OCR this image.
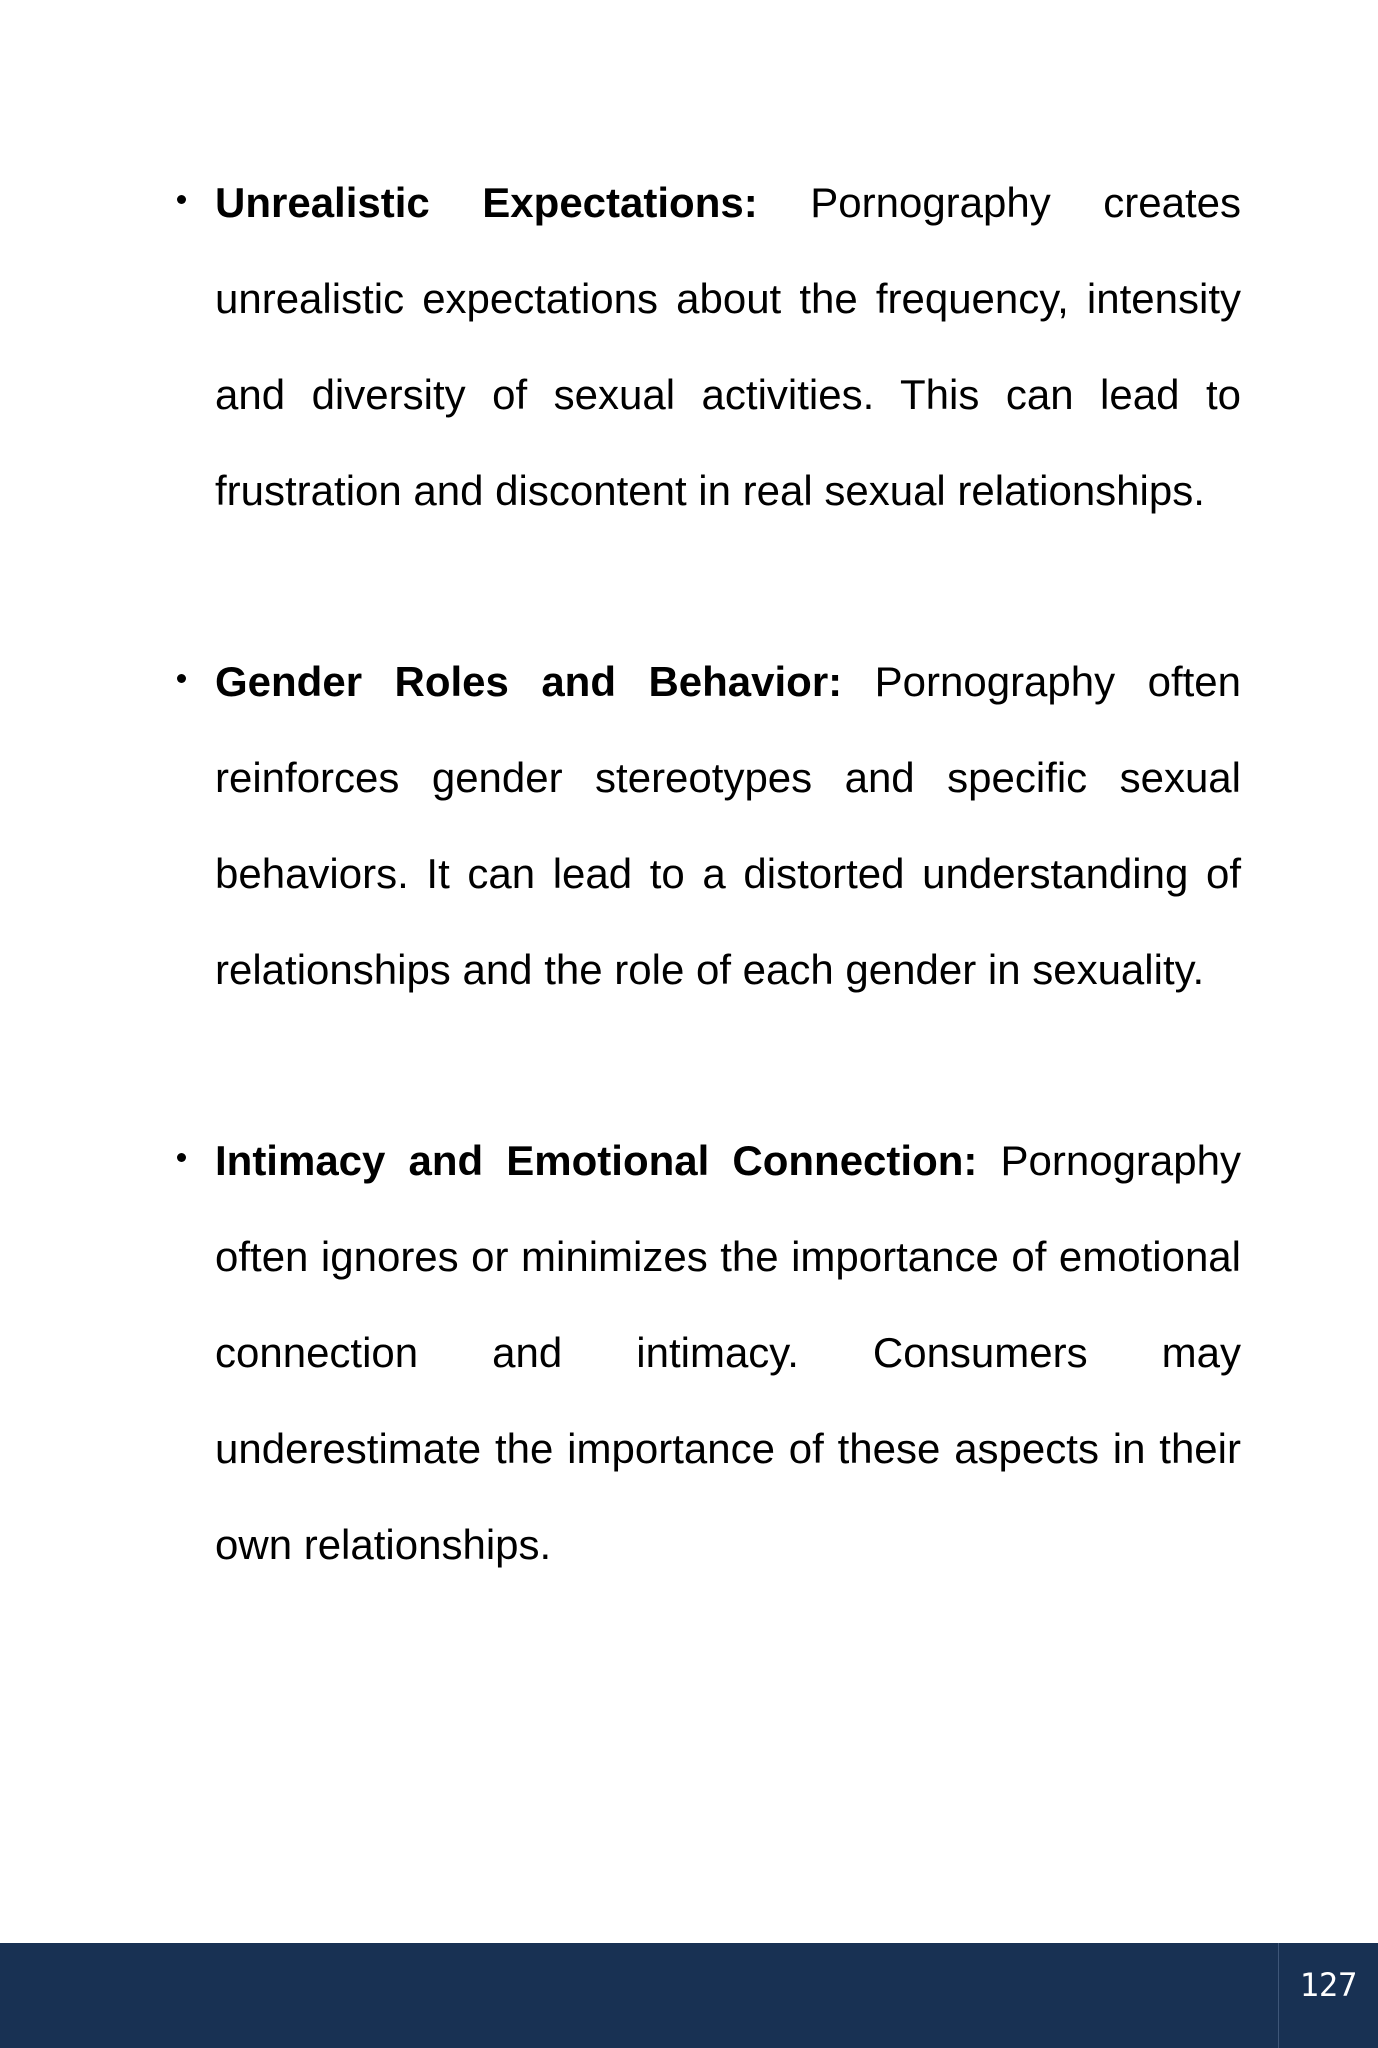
Unrealistic Expectations: Pornography creates unrealistic expectations about the frequency, intensity and diversity of sexual activities. This can lead to frustration and discontent in real sexual relationships.

Gender Roles and Behavior: Pornography often reinforces gender stereotypes and specific sexual behaviors. It can lead to a distorted understanding of relationships and the role of each gender in sexuality.

Intimacy and Emotional Connection: Pornography often ignores or minimizes the importance of emotional connection and intimacy. Consumers may underestimate the importance of these aspects in their own relationships.

127
